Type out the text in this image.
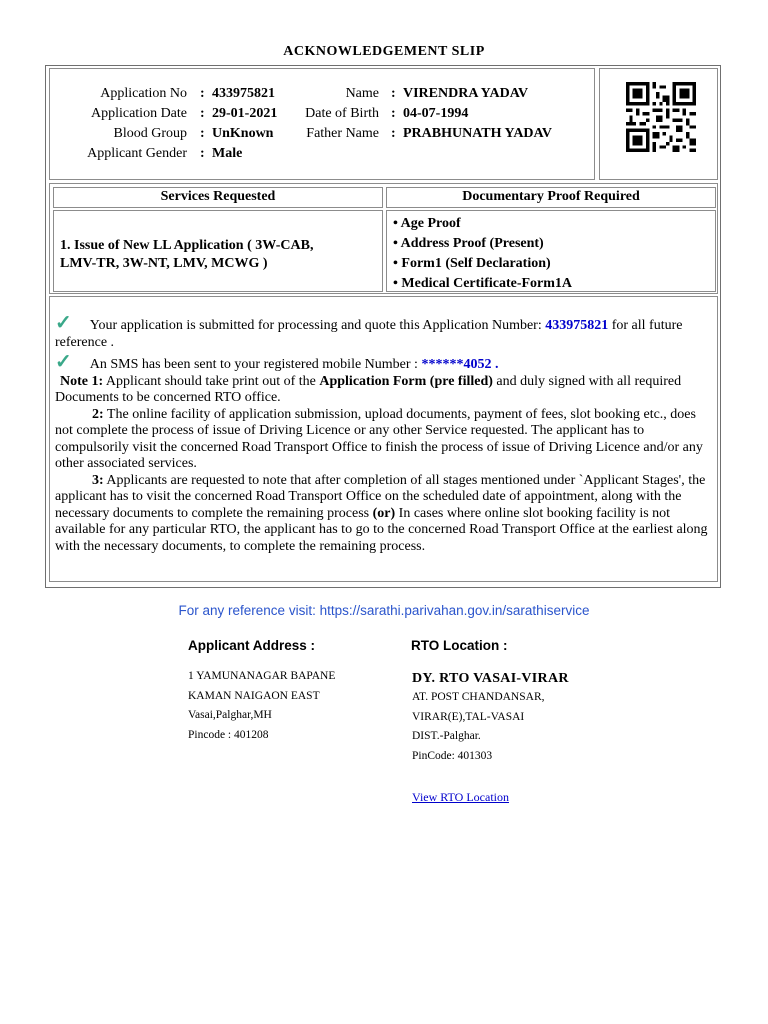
ACKNOWLEDGEMENT SLIP
Application No : 433975821
Application Date : 29-01-2021
Blood Group : UnKnown
Applicant Gender : Male
Name : VIRENDRA YADAV
Date of Birth : 04-07-1994
Father Name : PRABHUNATH YADAV
Services Requested	Documentary Proof Required
1. Issue of New LL Application ( 3W-CAB,
LMV-TR, 3W-NT, LMV, MCWG )
• Age Proof
• Address Proof (Present)
• Form1 (Self Declaration)
• Medical Certificate-Form1A

✓ Your application is submitted for processing and quote this Application Number: 433975821 for all future reference .

✓ An SMS has been sent to your registered mobile Number : ******4052 .

Note 1: Applicant should take print out of the Application Form (pre filled) and duly signed with all required Documents to be concerned RTO office.

2: The online facility of application submission, upload documents, payment of fees, slot booking etc., does not complete the process of issue of Driving Licence or any other Service requested. The applicant has to compulsorily visit the concerned Road Transport Office to finish the process of issue of Driving Licence and/or any other associated services.

3: Applicants are requested to note that after completion of all stages mentioned under `Applicant Stages', the applicant has to visit the concerned Road Transport Office on the scheduled date of appointment, along with the necessary documents to complete the remaining process (or) In cases where online slot booking facility is not available for any particular RTO, the applicant has to go to the concerned Road Transport Office at the earliest along with the necessary documents, to complete the remaining process.

For any reference visit: https://sarathi.parivahan.gov.in/sarathiservice
Applicant Address :	RTO Location :
1 YAMUNANAGAR BAPANE
KAMAN NAIGAON EAST
Vasai,Palghar,MH
Pincode : 401208
DY. RTO VASAI-VIRAR
AT. POST CHANDANSAR,
VIRAR(E),TAL-VASAI
DIST.-Palghar.
PinCode: 401303
View RTO Location
